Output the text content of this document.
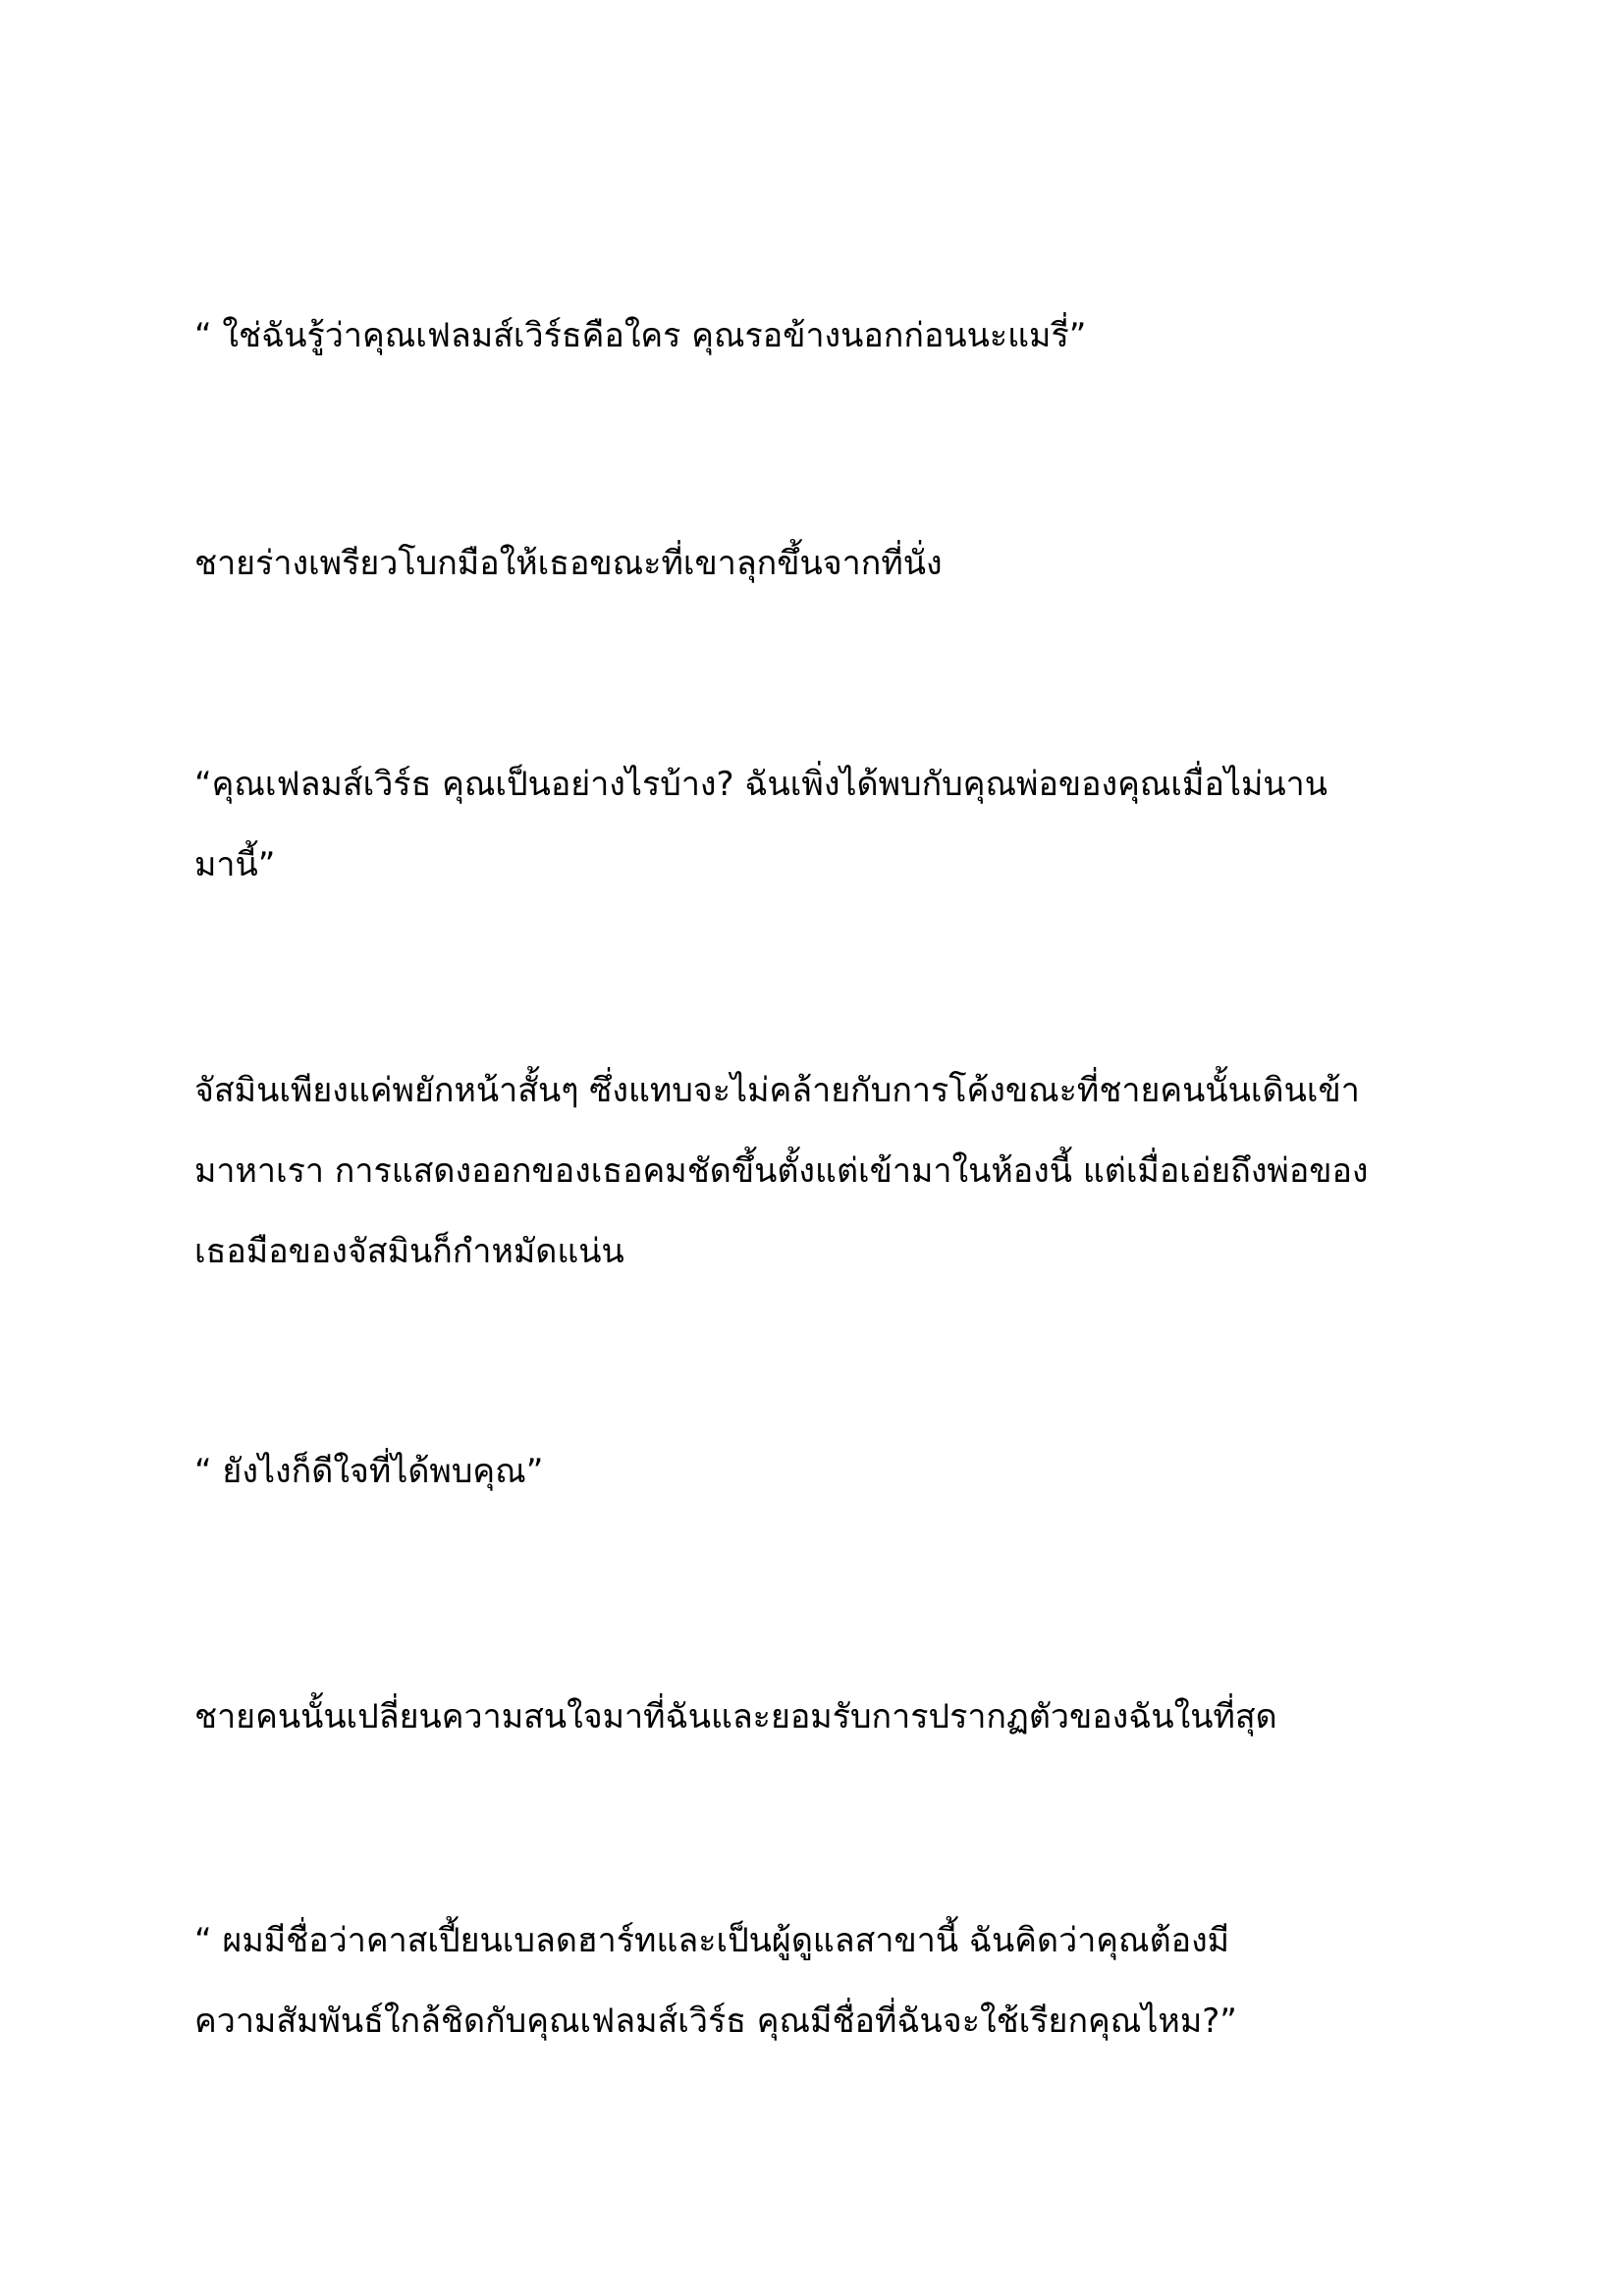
“ ใช่ฉันรู้ว่าคุณเฟลมส์เวิร์ธคือใคร คุณรอข้างนอกก่อนนะแมรี่”

ชายร่างเพรียวโบกมือให้เธอขณะที่เขาลุกขึ้นจากที่นั่ง

“คุณเฟลมส์เวิร์ธ คุณเป็นอย่างไรบ้าง? ฉันเพิ่งได้พบกับคุณพ่อของคุณเมื่อไม่นาน
มานี้”

จัสมินเพียงแค่พยักหน้าสั้นๆ ซึ่งแทบจะไม่คล้ายกับการโค้งขณะที่ชายคนนั้นเดินเข้า
มาหาเรา การแสดงออกของเธอคมชัดขึ้นตั้งแต่เข้ามาในห้องนี้ แต่เมื่อเอ่ยถึงพ่อของ
เธอมือของจัสมินก็กำหมัดแน่น

“ ยังไงก็ดีใจที่ได้พบคุณ”

ชายคนนั้นเปลี่ยนความสนใจมาที่ฉันและยอมรับการปรากฏตัวของฉันในที่สุด

“ ผมมีชื่อว่าคาสเปี้ยนเบลดฮาร์ทและเป็นผู้ดูแลสาขานี้ ฉันคิดว่าคุณต้องมี
ความสัมพันธ์ใกล้ชิดกับคุณเฟลมส์เวิร์ธ คุณมีชื่อที่ฉันจะใช้เรียกคุณไหม?”
